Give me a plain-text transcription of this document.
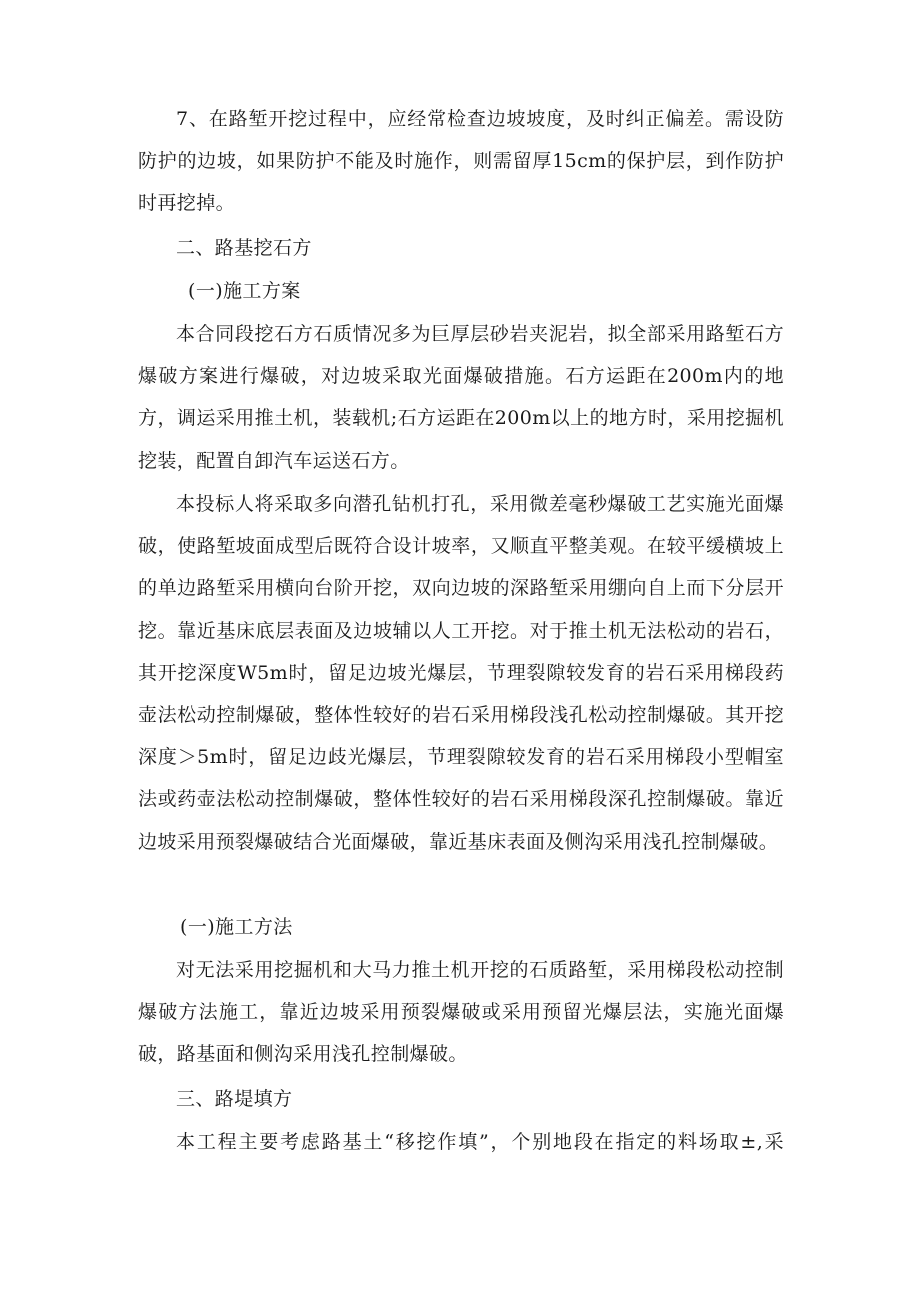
7、在路堑开挖过程中，应经常检查边坡坡度，及时纠正偏差。需设防防护的边坡，如果防护不能及时施作，则需留厚15cm的保护层，到作防护时再挖掉。

二、路基挖石方

(一)施工方案

本合同段挖石方石质情况多为巨厚层砂岩夹泥岩，拟全部采用路堑石方爆破方案进行爆破，对边坡采取光面爆破措施。石方运距在200m内的地方，调运采用推土机，装载机;石方运距在200m以上的地方时，采用挖掘机挖装，配置自卸汽车运送石方。

本投标人将采取多向潜孔钻机打孔，采用微差毫秒爆破工艺实施光面爆破，使路堑坡面成型后既符合设计坡率，又顺直平整美观。在较平缓横坡上的单边路堑采用横向台阶开挖，双向边坡的深路堑采用绷向自上而下分层开挖。靠近基床底层表面及边坡辅以人工开挖。对于推土机无法松动的岩石，其开挖深度W5m时，留足边坡光爆层，节理裂隙较发育的岩石采用梯段药壶法松动控制爆破，整体性较好的岩石采用梯段浅孔松动控制爆破。其开挖深度＞5m时，留足边歧光爆层，节理裂隙较发育的岩石采用梯段小型帽室法或药壶法松动控制爆破，整体性较好的岩石采用梯段深孔控制爆破。靠近边坡采用预裂爆破结合光面爆破，靠近基床表面及侧沟采用浅孔控制爆破。

(一)施工方法

对无法采用挖掘机和大马力推土机开挖的石质路堑，采用梯段松动控制爆破方法施工，靠近边坡采用预裂爆破或采用预留光爆层法，实施光面爆破，路基面和侧沟采用浅孔控制爆破。

三、路堤填方

本工程主要考虑路基土“移挖作填”，个别地段在指定的料场取±,采
